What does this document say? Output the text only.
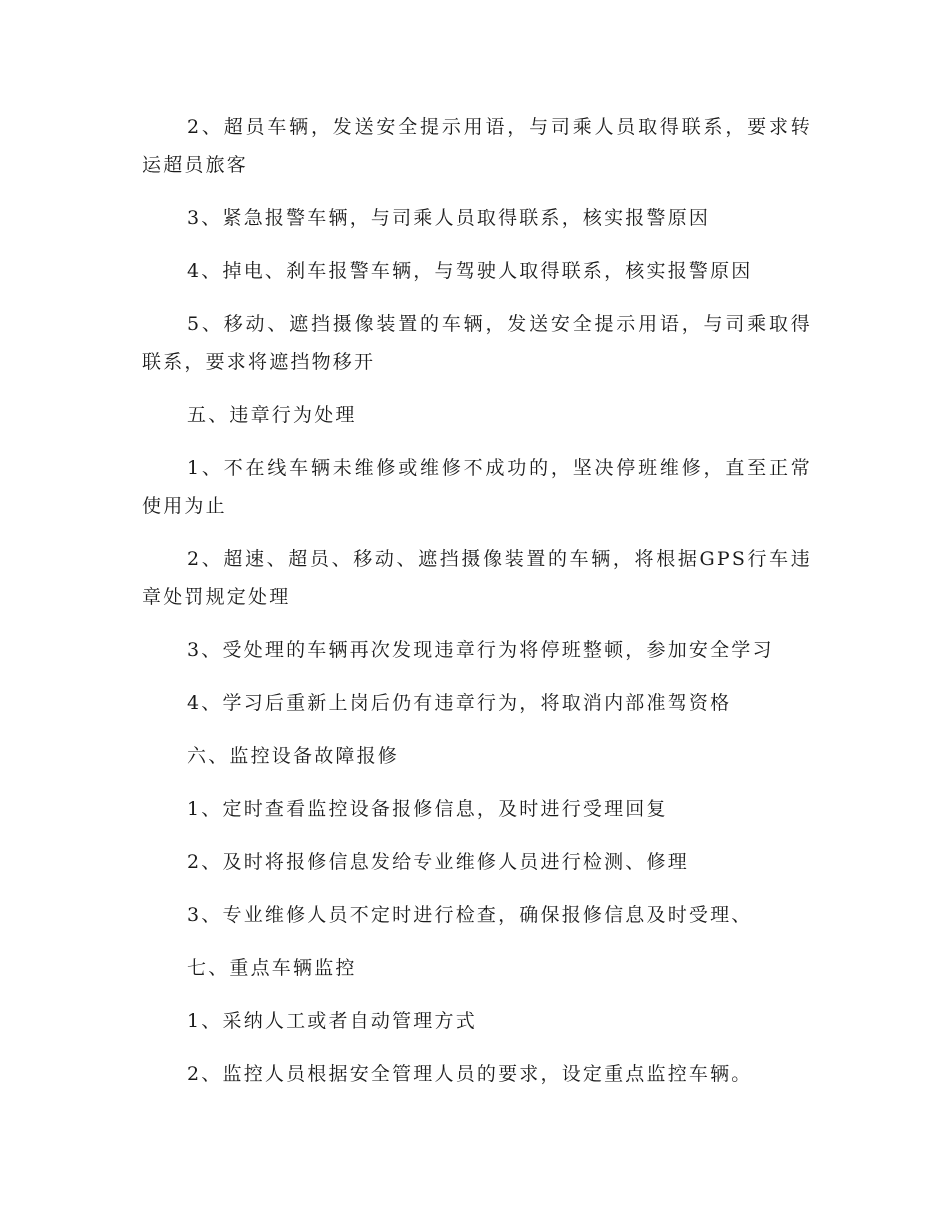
2、超员车辆，发送安全提示用语，与司乘人员取得联系，要求转运超员旅客

3、紧急报警车辆，与司乘人员取得联系，核实报警原因

4、掉电、刹车报警车辆，与驾驶人取得联系，核实报警原因

5、移动、遮挡摄像装置的车辆，发送安全提示用语，与司乘取得联系，要求将遮挡物移开

五、违章行为处理

1、不在线车辆未维修或维修不成功的，坚决停班维修，直至正常使用为止

2、超速、超员、移动、遮挡摄像装置的车辆，将根据GPS行车违章处罚规定处理

3、受处理的车辆再次发现违章行为将停班整顿，参加安全学习

4、学习后重新上岗后仍有违章行为，将取消内部准驾资格

六、监控设备故障报修

1、定时查看监控设备报修信息，及时进行受理回复

2、及时将报修信息发给专业维修人员进行检测、修理

3、专业维修人员不定时进行检查，确保报修信息及时受理、

七、重点车辆监控

1、采纳人工或者自动管理方式

2、监控人员根据安全管理人员的要求，设定重点监控车辆。
